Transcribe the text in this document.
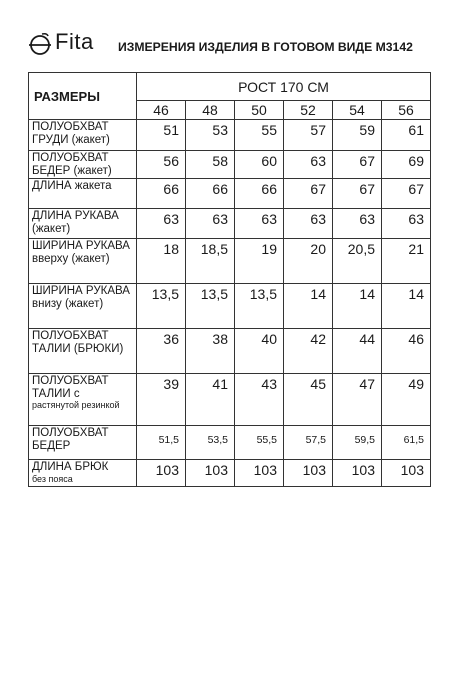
Fita ИЗМЕРЕНИЯ ИЗДЕЛИЯ В ГОТОВОМ ВИДЕ М3142
РАЗМЕРЫ	РОСТ 170 СМ					
	46	48	50	52	54	56
ПОЛУОБХВАТ ГРУДИ (жакет)	51	53	55	57	59	61
ПОЛУОБХВАТ БЕДЕР (жакет)	56	58	60	63	67	69
ДЛИНА жакета	66	66	66	67	67	67
ДЛИНА РУКАВА (жакет)	63	63	63	63	63	63
ШИРИНА РУКАВА вверху (жакет)	18	18,5	19	20	20,5	21
ШИРИНА РУКАВА внизу (жакет)	13,5	13,5	13,5	14	14	14
ПОЛУОБХВАТ ТАЛИИ (БРЮКИ)	36	38	40	42	44	46
ПОЛУОБХВАТ ТАЛИИ с
растянутой резинкой	39	41	43	45	47	49
ПОЛУОБХВАТ БЕДЕР	51,5	53,5	55,5	57,5	59,5	61,5
ДЛИНА БРЮК
без пояса	103	103	103	103	103	103
